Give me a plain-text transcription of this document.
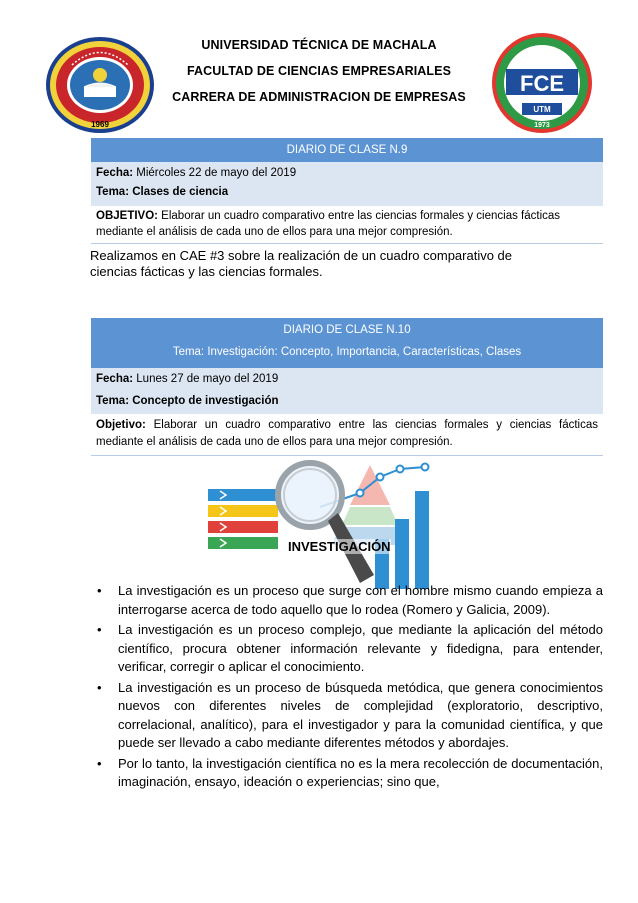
1969
UNIVERSIDAD TÉCNICA DE MACHALA
FACULTAD DE CIENCIAS EMPRESARIALES
CARRERA DE ADMINISTRACION DE EMPRESAS
FCE
UTM
1973
DIARIO DE CLASE N.9
Fecha: Miércoles 22 de mayo del 2019
Tema: Clases de ciencia
OBJETIVO: Elaborar un cuadro comparativo entre las ciencias formales y ciencias fácticas
mediante el análisis de cada uno de ellos para una mejor compresión.
Realizamos en CAE #3 sobre la realización de un cuadro comparativo de
ciencias fácticas y las ciencias formales.
DIARIO DE CLASE N.10
Tema: Investigación: Concepto, Importancia, Características, Clases
Fecha: Lunes 27 de mayo del 2019
Tema: Concepto de investigación
Objetivo: Elaborar un cuadro comparativo entre las ciencias formales y ciencias fácticas
mediante el análisis de cada uno de ellos para una mejor compresión.
INVESTIGACIÓN
• La investigación es un proceso que surge con el hombre mismo cuando empieza a interrogarse acerca de todo aquello que lo rodea (Romero y Galicia, 2009).
• La investigación es un proceso complejo, que mediante la aplicación del método científico, procura obtener información relevante y fidedigna, para entender, verificar, corregir o aplicar el conocimiento.
• La investigación es un proceso de búsqueda metódica, que genera conocimientos nuevos con diferentes niveles de complejidad (exploratorio, descriptivo, correlacional, analítico), para el investigador y para la comunidad científica, y que puede ser llevado a cabo mediante diferentes métodos y abordajes.
• Por lo tanto, la investigación científica no es la mera recolección de documentación, imaginación, ensayo, ideación o experiencias; sino que,
